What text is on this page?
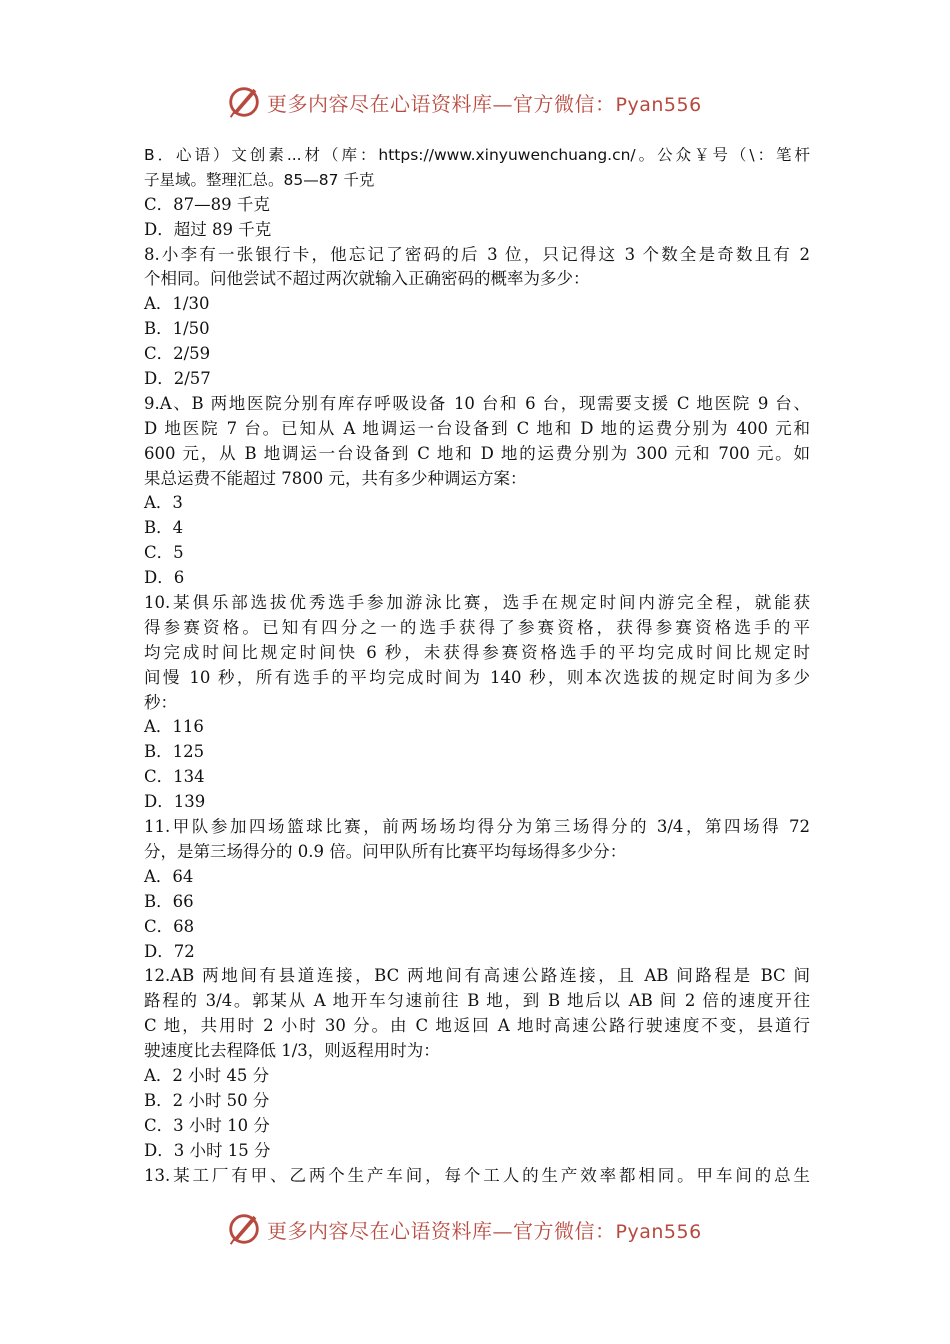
更多内容尽在心语资料库—官方微信：Pyan556
B．心语）文创素...材（库：https://www.xinyuwenchuang.cn/。公众￥号（\：笔杆
子星域。整理汇总。85—87 千克
C．87—89 千克
D．超过 89 千克
8.小李有一张银行卡，他忘记了密码的后 3 位，只记得这 3 个数全是奇数且有 2
个相同。问他尝试不超过两次就输入正确密码的概率为多少：
A．1/30
B．1/50
C．2/59
D．2/57
9.A、B 两地医院分别有库存呼吸设备 10 台和 6 台，现需要支援 C 地医院 9 台、
D 地医院 7 台。已知从 A 地调运一台设备到 C 地和 D 地的运费分别为 400 元和
600 元，从 B 地调运一台设备到 C 地和 D 地的运费分别为 300 元和 700 元。如
果总运费不能超过 7800 元，共有多少种调运方案：
A．3
B．4
C．5
D．6
10.某俱乐部选拔优秀选手参加游泳比赛，选手在规定时间内游完全程，就能获
得参赛资格。已知有四分之一的选手获得了参赛资格，获得参赛资格选手的平
均完成时间比规定时间快 6 秒，未获得参赛资格选手的平均完成时间比规定时
间慢 10 秒，所有选手的平均完成时间为 140 秒，则本次选拔的规定时间为多少
秒：
A．116
B．125
C．134
D．139
11.甲队参加四场篮球比赛，前两场场均得分为第三场得分的 3/4，第四场得 72
分，是第三场得分的 0.9 倍。问甲队所有比赛平均每场得多少分：
A．64
B．66
C．68
D．72
12.AB 两地间有县道连接，BC 两地间有高速公路连接，且 AB 间路程是 BC 间
路程的 3/4。郭某从 A 地开车匀速前往 B 地，到 B 地后以 AB 间 2 倍的速度开往
C 地，共用时 2 小时 30 分。由 C 地返回 A 地时高速公路行驶速度不变，县道行
驶速度比去程降低 1/3，则返程用时为：
A．2 小时 45 分
B．2 小时 50 分
C．3 小时 10 分
D．3 小时 15 分
13.某工厂有甲、乙两个生产车间，每个工人的生产效率都相同。甲车间的总生
更多内容尽在心语资料库—官方微信：Pyan556
